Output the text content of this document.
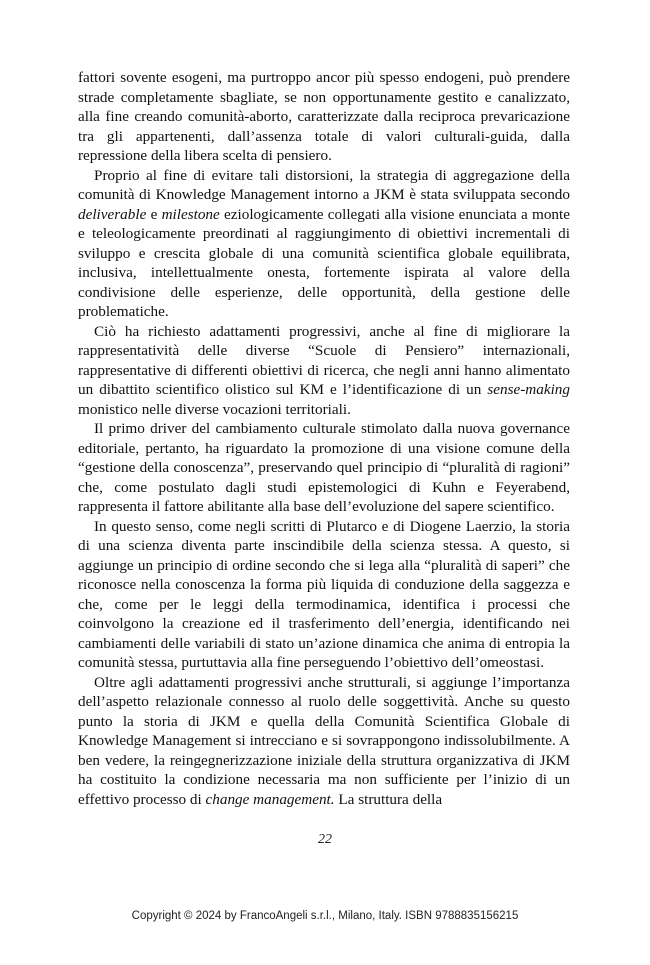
fattori sovente esogeni, ma purtroppo ancor più spesso endogeni, può prendere strade completamente sbagliate, se non opportunamente gestito e canalizzato, alla fine creando comunità-aborto, caratterizzate dalla reciproca prevaricazione tra gli appartenenti, dall’assenza totale di valori culturali-guida, dalla repressione della libera scelta di pensiero.

Proprio al fine di evitare tali distorsioni, la strategia di aggregazione della comunità di Knowledge Management intorno a JKM è stata sviluppata secondo deliverable e milestone eziologicamente collegati alla visione enunciata a monte e teleologicamente preordinati al raggiungimento di obiettivi incrementali di sviluppo e crescita globale di una comunità scientifica globale equilibrata, inclusiva, intellettualmente onesta, fortemente ispirata al valore della condivisione delle esperienze, delle opportunità, della gestione delle problematiche.

Ciò ha richiesto adattamenti progressivi, anche al fine di migliorare la rappresentatività delle diverse “Scuole di Pensiero” internazionali, rappresentative di differenti obiettivi di ricerca, che negli anni hanno alimentato un dibattito scientifico olistico sul KM e l’identificazione di un sense-making monistico nelle diverse vocazioni territoriali.

Il primo driver del cambiamento culturale stimolato dalla nuova governance editoriale, pertanto, ha riguardato la promozione di una visione comune della “gestione della conoscenza”, preservando quel principio di “pluralità di ragioni” che, come postulato dagli studi epistemologici di Kuhn e Feyerabend, rappresenta il fattore abilitante alla base dell’evoluzione del sapere scientifico.

In questo senso, come negli scritti di Plutarco e di Diogene Laerzio, la storia di una scienza diventa parte inscindibile della scienza stessa. A questo, si aggiunge un principio di ordine secondo che si lega alla “pluralità di saperi” che riconosce nella conoscenza la forma più liquida di conduzione della saggezza e che, come per le leggi della termodinamica, identifica i processi che coinvolgono la creazione ed il trasferimento dell’energia, identificando nei cambiamenti delle variabili di stato un’azione dinamica che anima di entropia la comunità stessa, purtuttavia alla fine perseguendo l’obiettivo dell’omeostasi.

Oltre agli adattamenti progressivi anche strutturali, si aggiunge l’importanza dell’aspetto relazionale connesso al ruolo delle soggettività. Anche su questo punto la storia di JKM e quella della Comunità Scientifica Globale di Knowledge Management si intrecciano e si sovrappongono indissolubilmente. A ben vedere, la reingegnerizzazione iniziale della struttura organizzativa di JKM ha costituito la condizione necessaria ma non sufficiente per l’inizio di un effettivo processo di change management. La struttura della

22
Copyright © 2024 by FrancoAngeli s.r.l., Milano, Italy. ISBN 9788835156215
